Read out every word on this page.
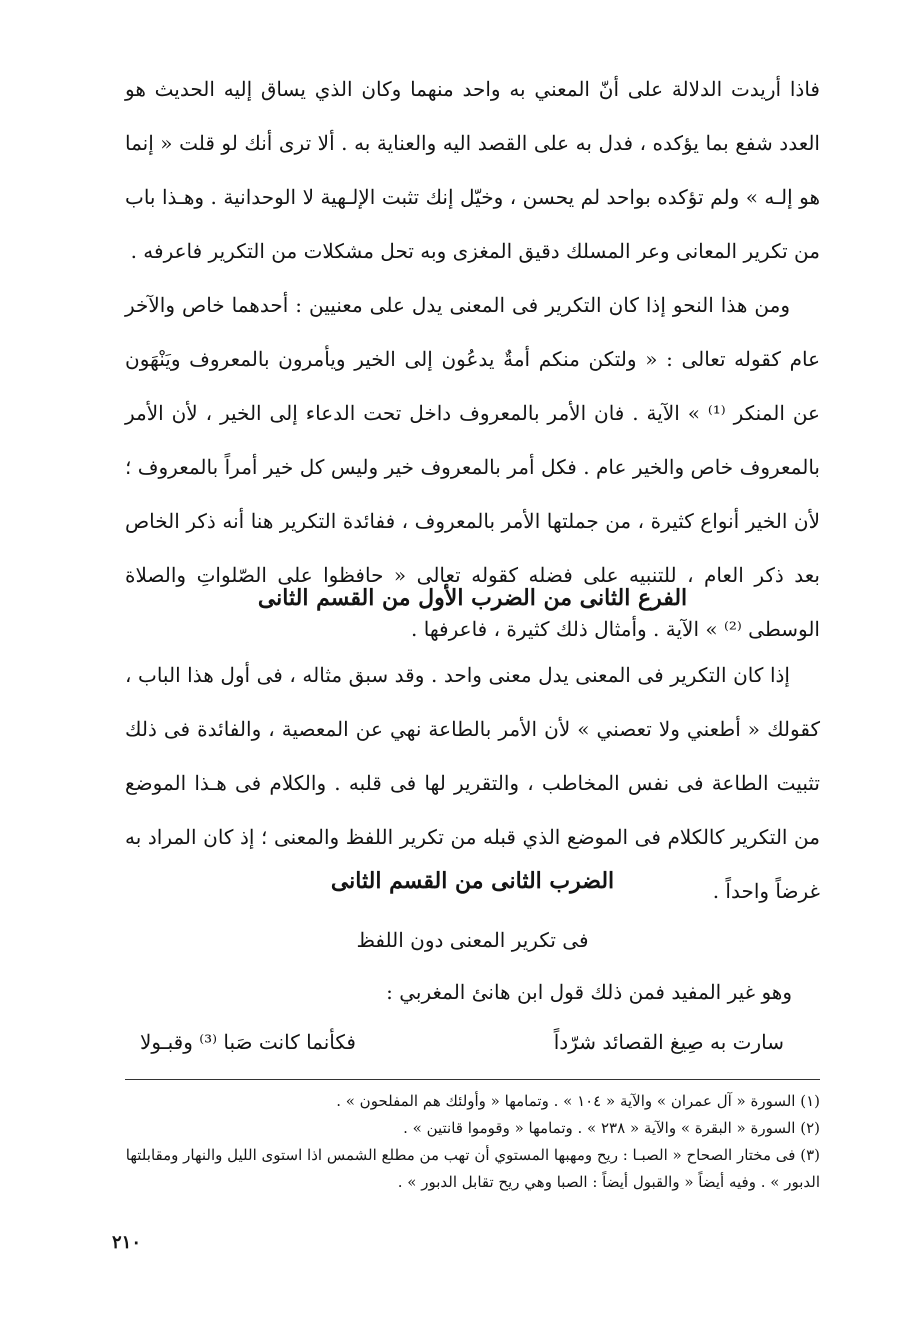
فاذا أريدت الدلالة على أنّ المعني به واحد منهما وكان الذي يساق إليه الحديث هو العدد شفع بما يؤكده ، فدل به على القصد اليه والعناية به . ألا ترى أنك لو قلت « إنما هو إلـه » ولم تؤكده بواحد لم يحسن ، وخيّل إنك تثبت الإلـهية لا الوحدانية . وهـذا باب من تكرير المعانى وعر المسلك دقيق المغزى وبه تحل مشكلات من التكرير فاعرفه .

ومن هذا النحو إذا كان التكرير فى المعنى يدل على معنيين : أحدهما خاص والآخر عام كقوله تعالى : « ولتكن منكم أمةٌ يدعُون إلى الخير ويأمرون بالمعروف ويَنْهَون عن المنكر ⁽¹⁾ » الآية . فان الأمر بالمعروف داخل تحت الدعاء إلى الخير ، لأن الأمر بالمعروف خاص والخير عام . فكل أمر بالمعروف خير وليس كل خير أمراً بالمعروف ؛ لأن الخير أنواع كثيرة ، من جملتها الأمر بالمعروف ، ففائدة التكرير هنا أنه ذكر الخاص بعد ذكر العام ، للتنبيه على فضله كقوله تعالى « حافظوا على الصّلواتِ والصلاة الوسطى ⁽²⁾ » الآية . وأمثال ذلك كثيرة ، فاعرفها .

الفرع الثانى من الضرب الأول من القسم الثانى

إذا كان التكرير فى المعنى يدل معنى واحد . وقد سبق مثاله ، فى أول هذا الباب ، كقولك « أطعني ولا تعصني » لأن الأمر بالطاعة نهي عن المعصية ، والفائدة فى ذلك تثبيت الطاعة فى نفس المخاطب ، والتقرير لها فى قلبه . والكلام فى هـذا الموضع من التكرير كالكلام فى الموضع الذي قبله من تكرير اللفظ والمعنى ؛ إذ كان المراد به غرضاً واحداً .

الضرب الثانى من القسم الثانى

فى تكرير المعنى دون اللفظ

وهو غير المفيد فمن ذلك قول ابن هانئ المغربي :

سارت به صِيغ القصائد شرّداً
فكأنما كانت صَبا ⁽³⁾ وقبـولا
(١) السورة « آل عمران » والآية « ١٠٤ » . وتمامها « وأولئك هم المفلحون » .
(٢) السورة « البقرة » والآية « ٢٣٨ » . وتمامها « وقوموا قانتين » .
(٣) فى مختار الصحاح « الصبـا : ريح ومهبها المستوي أن تهب من مطلع الشمس اذا استوى الليل والنهار ومقابلتها الدبور » . وفيه أيضاً « والقبول أيضاً : الصبا وهي ريح تقابل الدبور » .
٢١٠
